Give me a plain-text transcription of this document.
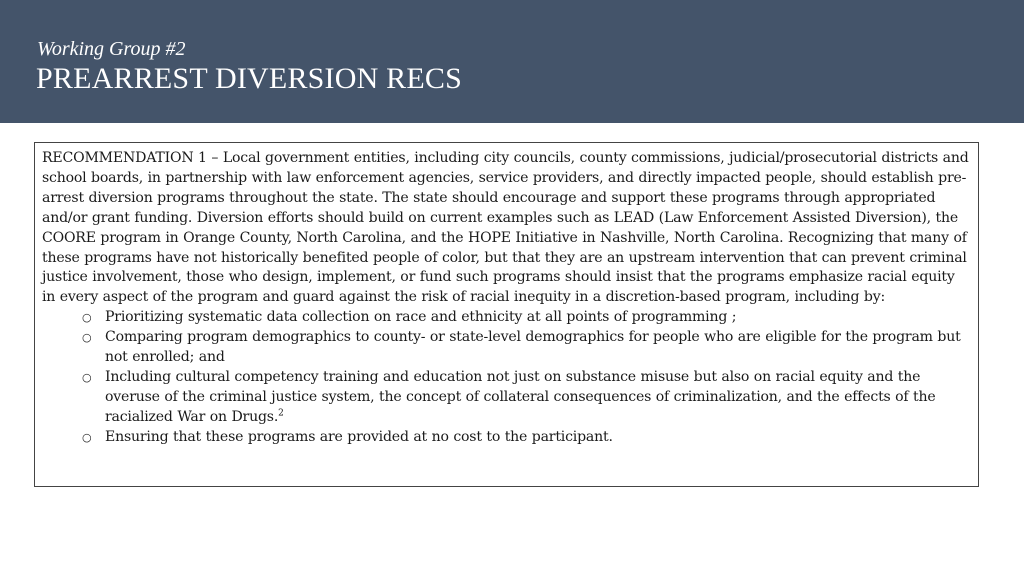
Working Group #2
PREARREST DIVERSION RECS

RECOMMENDATION 1 – Local government entities, including city councils, county commissions, judicial/prosecutorial districts and school boards, in partnership with law enforcement agencies, service providers, and directly impacted people, should establish pre-arrest diversion programs throughout the state. The state should encourage and support these programs through appropriated and/or grant funding. Diversion efforts should build on current examples such as LEAD (Law Enforcement Assisted Diversion), the COORE program in Orange County, North Carolina, and the HOPE Initiative in Nashville, North Carolina. Recognizing that many of these programs have not historically benefited people of color, but that they are an upstream intervention that can prevent criminal justice involvement, those who design, implement, or fund such programs should insist that the programs emphasize racial equity in every aspect of the program and guard against the risk of racial inequity in a discretion-based program, including by:

○ Prioritizing systematic data collection on race and ethnicity at all points of programming ;
○ Comparing program demographics to county- or state-level demographics for people who are eligible for the program but not enrolled; and
○ Including cultural competency training and education not just on substance misuse but also on racial equity and the overuse of the criminal justice system, the concept of collateral consequences of criminalization, and the effects of the racialized War on Drugs.$^2$
○ Ensuring that these programs are provided at no cost to the participant.
